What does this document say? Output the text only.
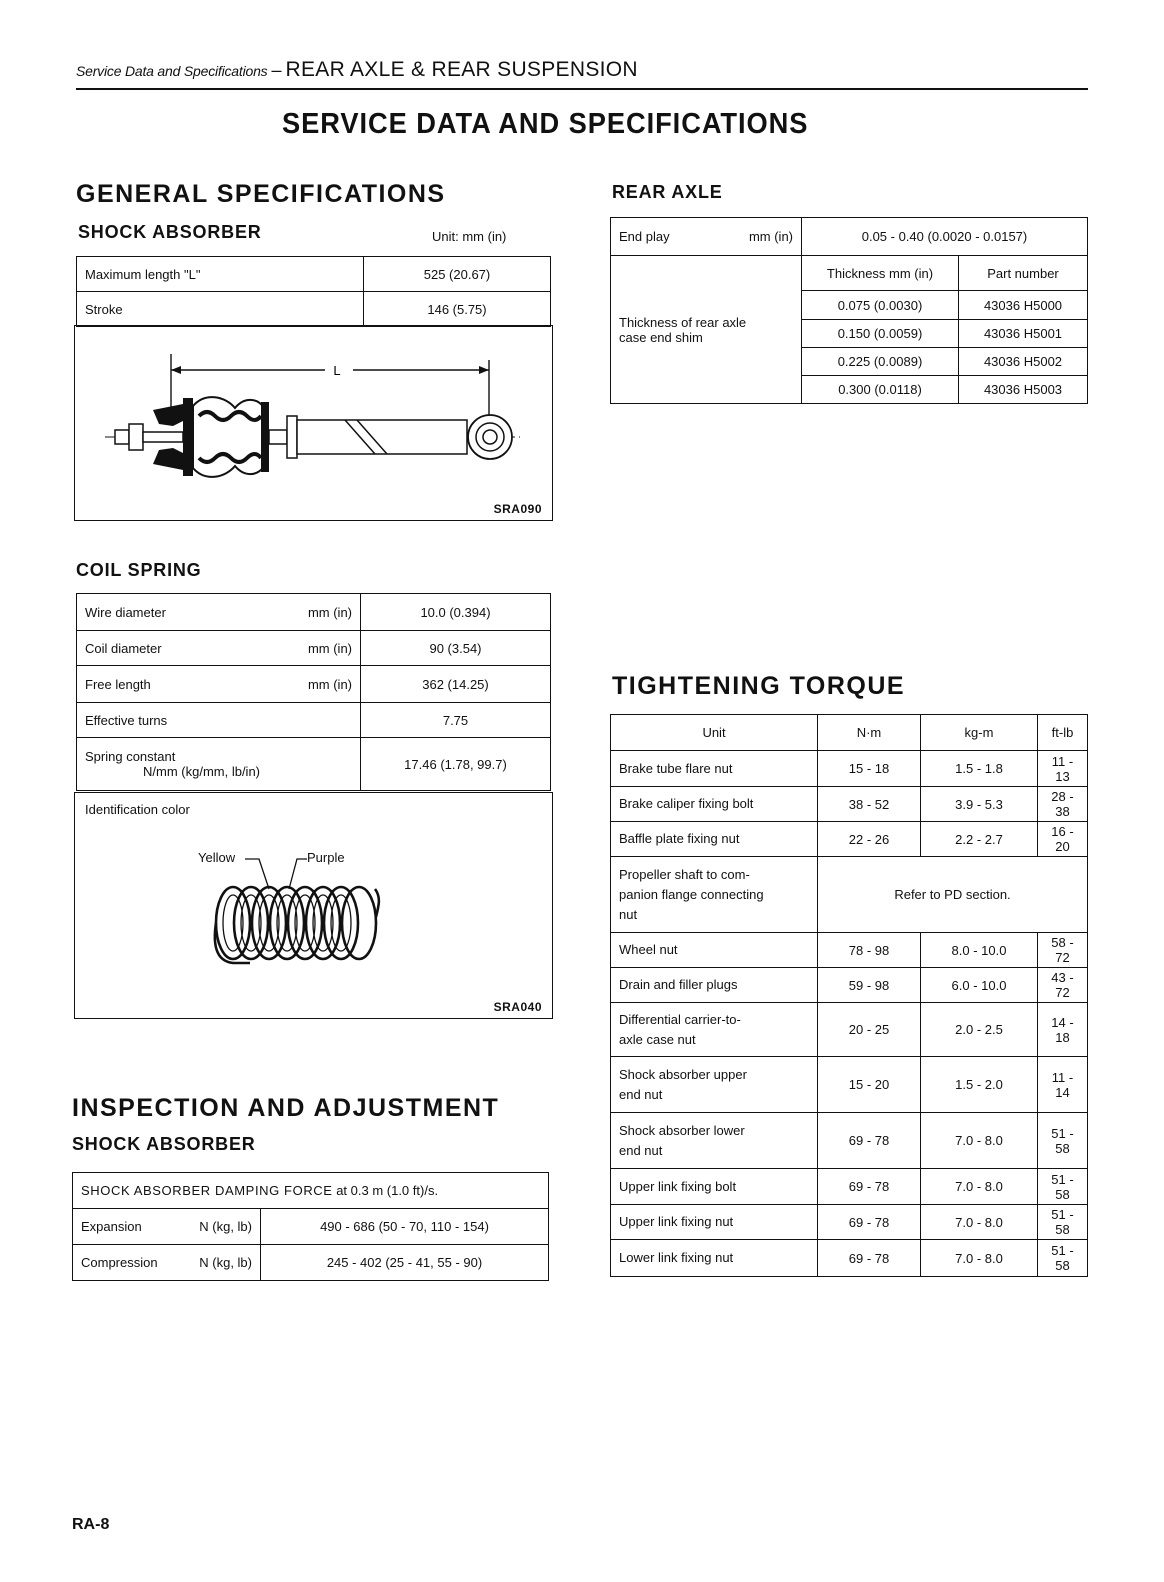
Service Data and Specifications – REAR AXLE & REAR SUSPENSION
SERVICE DATA AND SPECIFICATIONS
GENERAL SPECIFICATIONS
SHOCK ABSORBER	Unit: mm (in)
Maximum length "L"	525 (20.67)
Stroke	146 (5.75)
L
SRA090
COIL SPRING
Wire diameter mm (in)	10.0 (0.394)

Coil diameter mm (in)	90 (3.54)

Free length mm (in)	362 (14.25)
Effective turns	7.75

Spring constant
N/mm (kg/mm, lb/in)	17.46 (1.78, 99.7)
Identification color
Yellow	Purple
SRA040
INSPECTION AND ADJUSTMENT
SHOCK ABSORBER
SHOCK ABSORBER DAMPING FORCE at 0.3 m (1.0 ft)/s.	

Expansion N (kg, lb)	490 - 686 (50 - 70, 110 - 154)

Compression N (kg, lb)	245 - 402 (25 - 41, 55 - 90)
REAR AXLE
End play mm (in)	0.05 - 0.40 (0.0020 - 0.0157)	

Thickness of rear axle
case end shim	Thickness mm (in)	Part number
	0.075 (0.0030)	43036 H5000
	0.150 (0.0059)	43036 H5001
	0.225 (0.0089)	43036 H5002
	0.300 (0.0118)	43036 H5003
TIGHTENING TORQUE
Unit	N·m	kg-m	ft-lb

Brake tube flare nut	15 - 18	1.5 - 1.8	11 - 13

Brake caliper fixing bolt	38 - 52	3.9 - 5.3	28 - 38

Baffle plate fixing nut	22 - 26	2.2 - 2.7	16 - 20

Propeller shaft to com-
panion flange connecting
nut	Refer to PD section.		

Wheel nut	78 - 98	8.0 - 10.0	58 - 72

Drain and filler plugs	59 - 98	6.0 - 10.0	43 - 72

Differential carrier-to-
axle case nut	20 - 25	2.0 - 2.5	14 - 18

Shock absorber upper
end nut	15 - 20	1.5 - 2.0	11 - 14

Shock absorber lower
end nut	69 - 78	7.0 - 8.0	51 - 58

Upper link fixing bolt	69 - 78	7.0 - 8.0	51 - 58

Upper link fixing nut	69 - 78	7.0 - 8.0	51 - 58

Lower link fixing nut	69 - 78	7.0 - 8.0	51 - 58
RA-8
